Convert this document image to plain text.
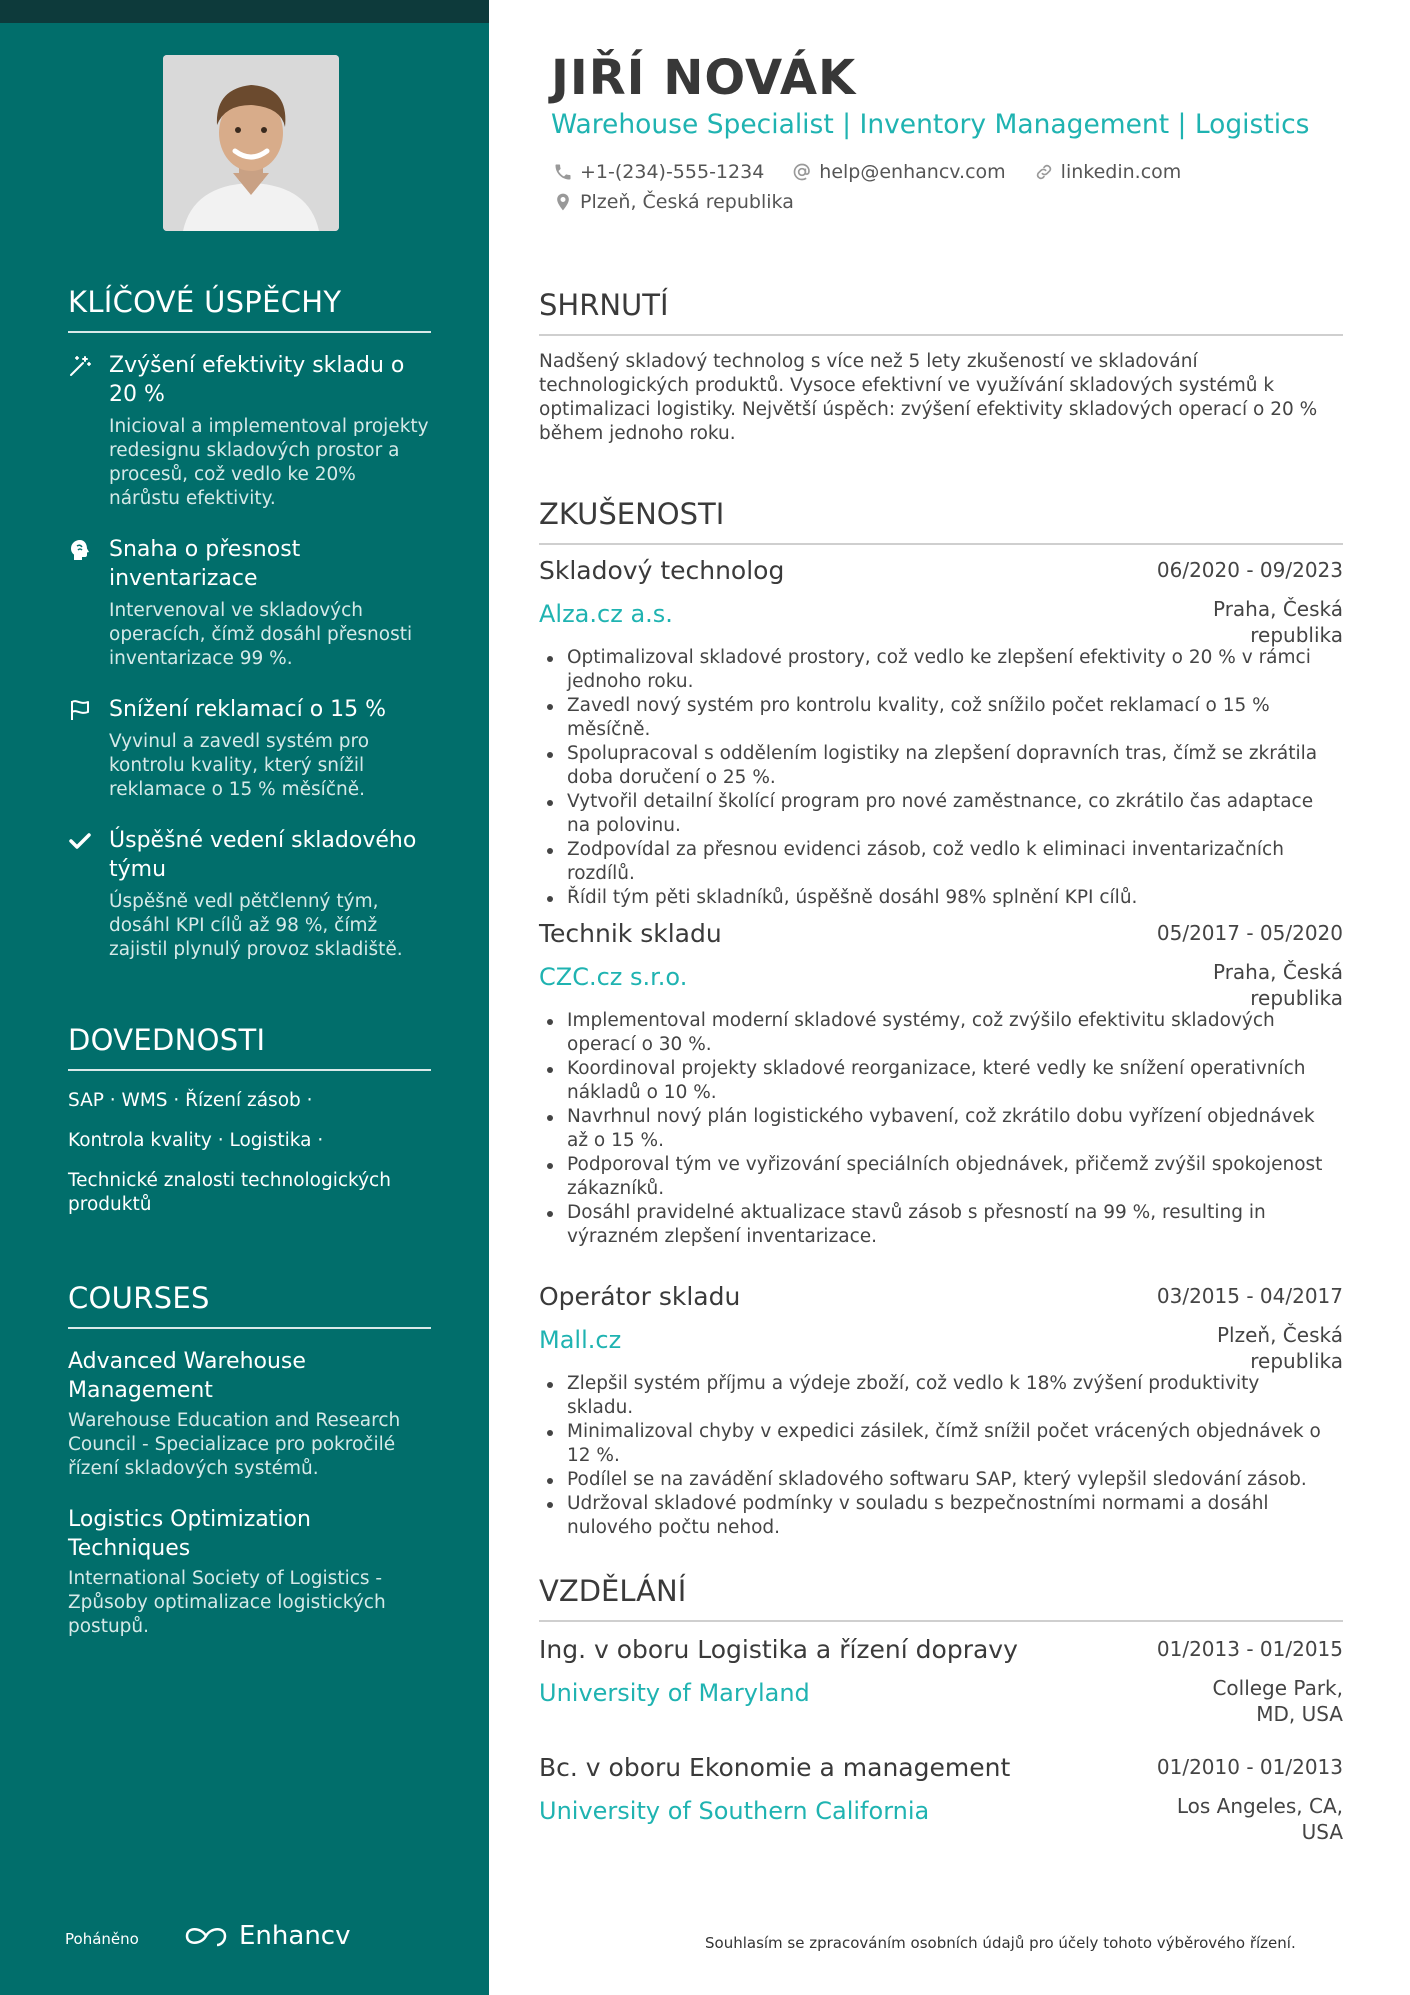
KLÍČOVÉ ÚSPĚCHY
Zvýšení efektivity skladu o 20 %
Inicioval a implementoval projekty redesignu skladových prostor a procesů, což vedlo ke 20% nárůstu efektivity.
Snaha o přesnost inventarizace
Intervenoval ve skladových operacích, čímž dosáhl přesnosti inventarizace 99 %.
Snížení reklamací o 15 %
Vyvinul a zavedl systém pro kontrolu kvality, který snížil reklamace o 15 % měsíčně.
Úspěšné vedení skladového týmu
Úspěšně vedl pětčlenný tým, dosáhl KPI cílů až 98 %, čímž zajistil plynulý provoz skladiště.
DOVEDNOSTI
SAP · WMS · Řízení zásob ·
Kontrola kvality · Logistika ·
Technické znalosti technologických produktů
COURSES
Advanced Warehouse Management
Warehouse Education and Research Council - Specializace pro pokročilé řízení skladových systémů.
Logistics Optimization Techniques
International Society of Logistics - Způsoby optimalizace logistických postupů.
Poháněno	Enhancv
JIŘÍ NOVÁK
Warehouse Specialist | Inventory Management | Logistics
+1-(234)-555-1234	help@enhancv.com	linkedin.com
Plzeň, Česká republika
SHRNUTÍ
Nadšený skladový technolog s více než 5 lety zkušeností ve skladování technologických produktů. Vysoce efektivní ve využívání skladových systémů k optimalizaci logistiky. Největší úspěch: zvýšení efektivity skladových operací o 20 % během jednoho roku.
ZKUŠENOSTI
Skladový technolog	06/2020 - 09/2023
Alza.cz a.s.	Praha, Česká republika
Optimalizoval skladové prostory, což vedlo ke zlepšení efektivity o 20 % v rámci jednoho roku.
Zavedl nový systém pro kontrolu kvality, což snížilo počet reklamací o 15 % měsíčně.
Spolupracoval s oddělením logistiky na zlepšení dopravních tras, čímž se zkrátila doba doručení o 25 %.
Vytvořil detailní školící program pro nové zaměstnance, co zkrátilo čas adaptace na polovinu.
Zodpovídal za přesnou evidenci zásob, což vedlo k eliminaci inventarizačních rozdílů.
Řídil tým pěti skladníků, úspěšně dosáhl 98% splnění KPI cílů.
Technik skladu	05/2017 - 05/2020
CZC.cz s.r.o.	Praha, Česká republika
Implementoval moderní skladové systémy, což zvýšilo efektivitu skladových operací o 30 %.
Koordinoval projekty skladové reorganizace, které vedly ke snížení operativních nákladů o 10 %.
Navrhnul nový plán logistického vybavení, což zkrátilo dobu vyřízení objednávek až o 15 %.
Podporoval tým ve vyřizování speciálních objednávek, přičemž zvýšil spokojenost zákazníků.
Dosáhl pravidelné aktualizace stavů zásob s přesností na 99 %, resulting in výrazném zlepšení inventarizace.
Operátor skladu	03/2015 - 04/2017
Mall.cz	Plzeň, Česká republika
Zlepšil systém příjmu a výdeje zboží, což vedlo k 18% zvýšení produktivity skladu.
Minimalizoval chyby v expedici zásilek, čímž snížil počet vrácených objednávek o 12 %.
Podílel se na zavádění skladového softwaru SAP, který vylepšil sledování zásob.
Udržoval skladové podmínky v souladu s bezpečnostními normami a dosáhl nulového počtu nehod.
VZDĚLÁNÍ
Ing. v oboru Logistika a řízení dopravy	01/2013 - 01/2015
University of Maryland	College Park, MD, USA
Bc. v oboru Ekonomie a management	01/2010 - 01/2013
University of Southern California	Los Angeles, CA, USA
Souhlasím se zpracováním osobních údajů pro účely tohoto výběrového řízení.
